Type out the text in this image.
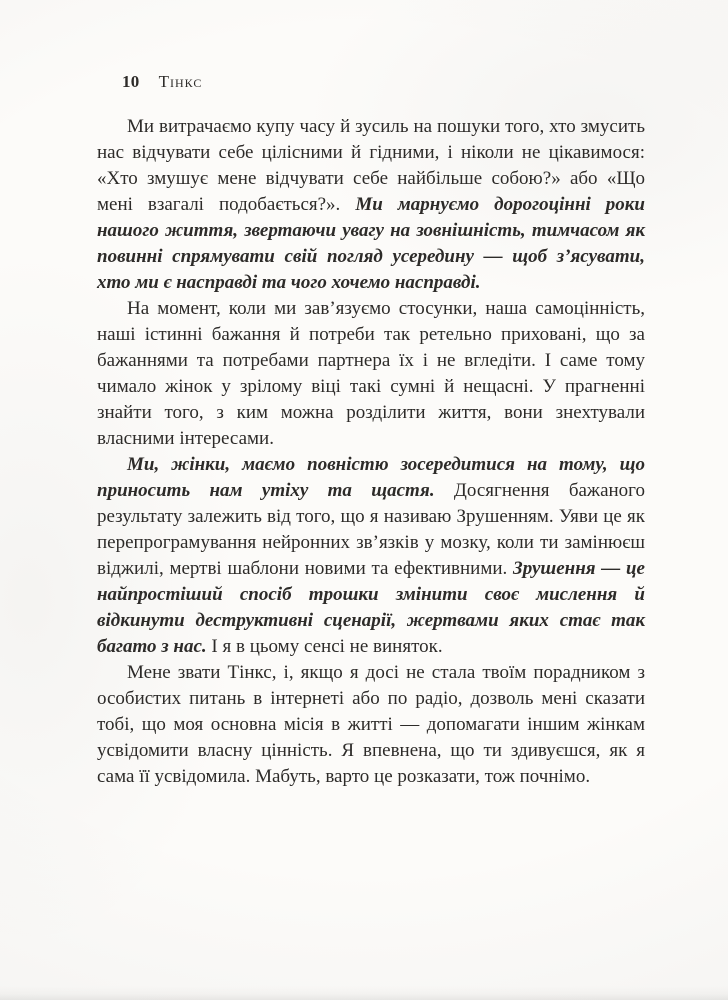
10 Тінкс

Ми витрачаємо купу часу й зусиль на пошуки того, хто змусить нас відчувати себе цілісними й гідними, і ніколи не цікавимося: «Хто змушує мене відчувати себе найбільше собою?» або «Що мені взагалі подобається?». Ми марнуємо дорогоцінні роки нашого життя, звертаючи увагу на зовнішність, тимчасом як повинні спрямувати свій погляд усередину — щоб з’ясувати, хто ми є насправді та чого хочемо насправді.

На момент, коли ми зав’язуємо стосунки, наша самоцінність, наші істинні бажання й потреби так ретельно приховані, що за бажаннями та потребами партнера їх і не вгледіти. І саме тому чимало жінок у зрілому віці такі сумні й нещасні. У прагненні знайти того, з ким можна розділити життя, вони знехтували власними інтересами.

Ми, жінки, маємо повністю зосередитися на тому, що приносить нам утіху та щастя. Досягнення бажаного результату залежить від того, що я називаю Зрушенням. Уяви це як перепрограмування нейронних зв’язків у мозку, коли ти замінюєш віджилі, мертві шаблони новими та ефективними. Зрушення — це найпростіший спосіб трошки змінити своє мислення й відкинути деструктивні сценарії, жертвами яких стає так багато з нас. І я в цьому сенсі не виняток.

Мене звати Тінкс, і, якщо я досі не стала твоїм порадником з особистих питань в інтернеті або по радіо, дозволь мені сказати тобі, що моя основна місія в житті — допомагати іншим жінкам усвідомити власну цінність. Я впевнена, що ти здивуєшся, як я сама її усвідомила. Мабуть, варто це розказати, тож почнімо.
